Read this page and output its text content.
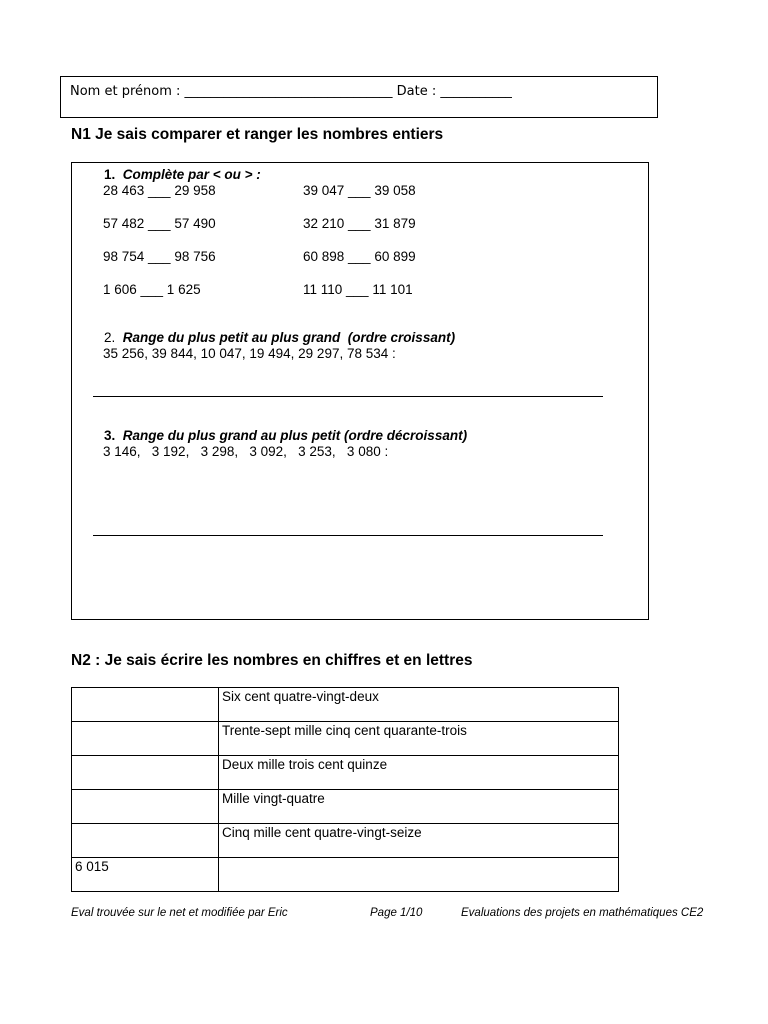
Nom et prénom : ________________________________ Date : ___________
N1 Je sais comparer et ranger les nombres entiers
1. Complète par < ou > :
28 463 ___ 29 958	39 047 ___ 39 058
57 482 ___ 57 490	32 210 ___ 31 879
98 754 ___ 98 756	60 898 ___ 60 899
1 606 ___ 1 625	11 110 ___ 11 101
2. Range du plus petit au plus grand  (ordre croissant)
35 256, 39 844, 10 047, 19 494, 29 297, 78 534 :
3. Range du plus grand au plus petit (ordre décroissant)
3 146,   3 192,   3 298,   3 092,   3 253,   3 080 :
N2 : Je sais écrire les nombres en chiffres et en lettres
	Six cent quatre-vingt-deux
	Trente-sept mille cinq cent quarante-trois
	Deux mille trois cent quinze
	Mille vingt-quatre
	Cinq mille cent quatre-vingt-seize
6 015	
Eval trouvée sur le net et modifiée par Eric	Page 1/10	Evaluations des projets en mathématiques CE2
